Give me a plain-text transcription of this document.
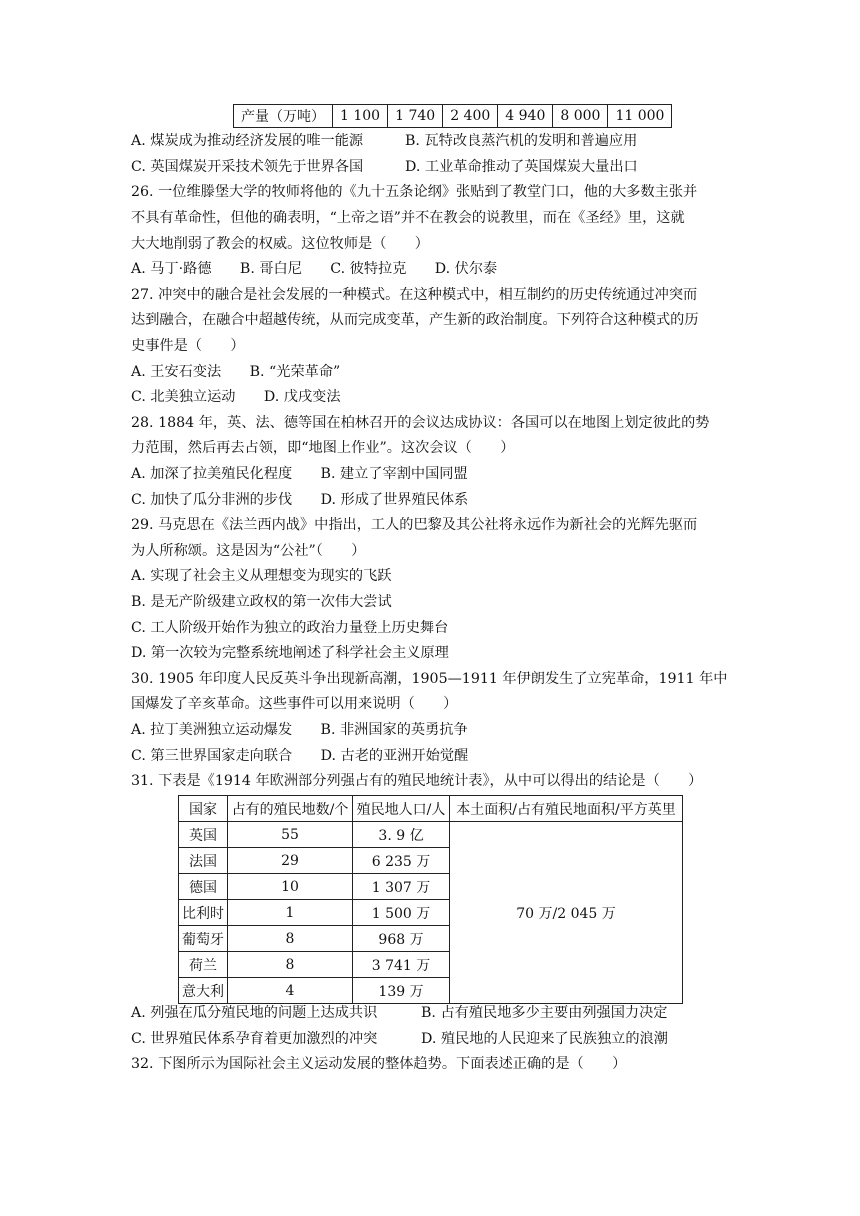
产量（万吨）	1 100	1 740	2 400	4 940	8 000	11 000
A. 煤炭成为推动经济发展的唯一能源	B. 瓦特改良蒸汽机的发明和普遍应用
C. 英国煤炭开采技术领先于世界各国	D. 工业革命推动了英国煤炭大量出口
26. 一位维滕堡大学的牧师将他的《九十五条论纲》张贴到了教堂门口，他的大多数主张并
不具有革命性，但他的确表明，“上帝之语”并不在教会的说教里，而在《圣经》里，这就
大大地削弱了教会的权威。这位牧师是（　　）
A. 马丁·路德　　B. 哥白尼　　C. 彼特拉克　　D. 伏尔泰
27. 冲突中的融合是社会发展的一种模式。在这种模式中，相互制约的历史传统通过冲突而
达到融合，在融合中超越传统，从而完成变革，产生新的政治制度。下列符合这种模式的历
史事件是（　　）
A. 王安石变法　　B. “光荣革命”
C. 北美独立运动　　D. 戊戌变法
28. 1884 年，英、法、德等国在柏林召开的会议达成协议：各国可以在地图上划定彼此的势
力范围，然后再去占领，即“地图上作业”。这次会议（　　）
A. 加深了拉美殖民化程度　　B. 建立了宰割中国同盟
C. 加快了瓜分非洲的步伐　　D. 形成了世界殖民体系
29. 马克思在《法兰西内战》中指出，工人的巴黎及其公社将永远作为新社会的光辉先驱而
为人所称颂。这是因为“公社”（　　）
A. 实现了社会主义从理想变为现实的飞跃
B. 是无产阶级建立政权的第一次伟大尝试
C. 工人阶级开始作为独立的政治力量登上历史舞台
D. 第一次较为完整系统地阐述了科学社会主义原理
30. 1905 年印度人民反英斗争出现新高潮，1905—1911 年伊朗发生了立宪革命，1911 年中
国爆发了辛亥革命。这些事件可以用来说明（　　）
A. 拉丁美洲独立运动爆发　　B. 非洲国家的英勇抗争
C. 第三世界国家走向联合　　D. 古老的亚洲开始觉醒
31. 下表是《1914 年欧洲部分列强占有的殖民地统计表》，从中可以得出的结论是（　　）
国家	占有的殖民地数/个	殖民地人口/人	本土面积/占有殖民地面积/平方英里
英国	55	3. 9 亿	70 万/2 045 万
法国	29	6 235 万	
德国	10	1 307 万	
比利时	1	1 500 万	
葡萄牙	8	968 万	
荷兰	8	3 741 万	
意大利	4	139 万	
A. 列强在瓜分殖民地的问题上达成共识	B. 占有殖民地多少主要由列强国力决定
C. 世界殖民体系孕育着更加激烈的冲突	D. 殖民地的人民迎来了民族独立的浪潮
32. 下图所示为国际社会主义运动发展的整体趋势。下面表述正确的是（　　）
